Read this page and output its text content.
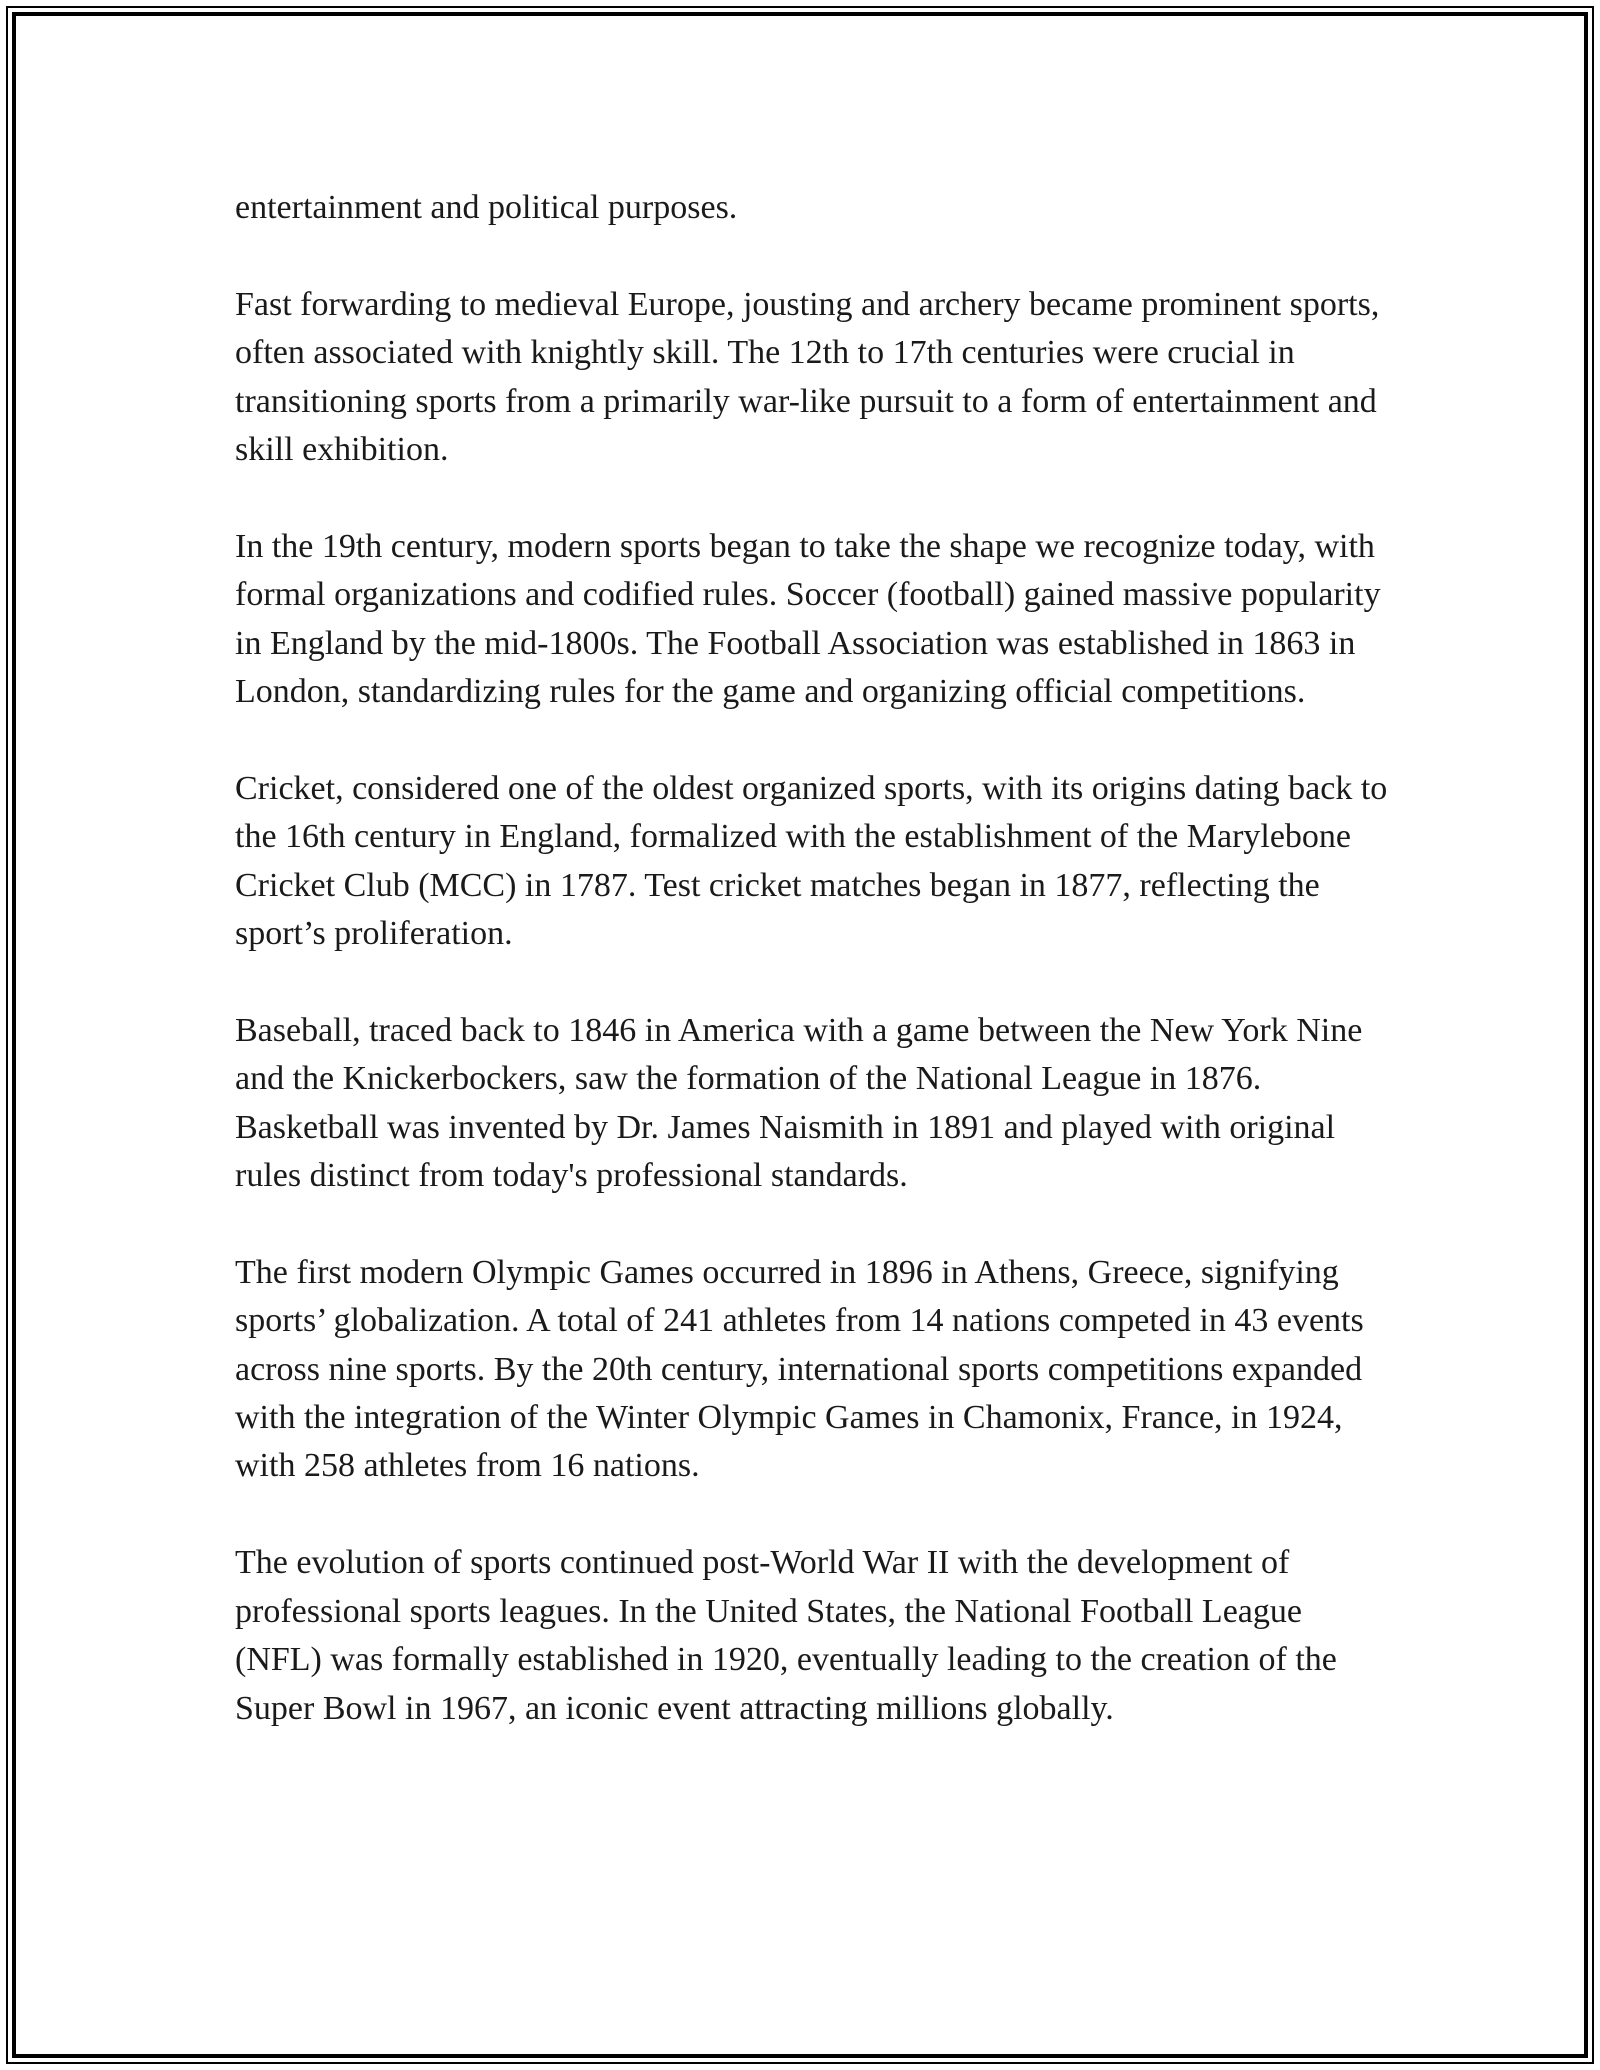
entertainment and political purposes.

Fast forwarding to medieval Europe, jousting and archery became prominent sports, often associated with knightly skill. The 12th to 17th centuries were crucial in transitioning sports from a primarily war-like pursuit to a form of entertainment and skill exhibition.

In the 19th century, modern sports began to take the shape we recognize today, with formal organizations and codified rules. Soccer (football) gained massive popularity in England by the mid-1800s. The Football Association was established in 1863 in London, standardizing rules for the game and organizing official competitions.

Cricket, considered one of the oldest organized sports, with its origins dating back to the 16th century in England, formalized with the establishment of the Marylebone Cricket Club (MCC) in 1787. Test cricket matches began in 1877, reflecting the sport’s proliferation.

Baseball, traced back to 1846 in America with a game between the New York Nine and the Knickerbockers, saw the formation of the National League in 1876. Basketball was invented by Dr. James Naismith in 1891 and played with original rules distinct from today's professional standards.

The first modern Olympic Games occurred in 1896 in Athens, Greece, signifying sports’ globalization. A total of 241 athletes from 14 nations competed in 43 events across nine sports. By the 20th century, international sports competitions expanded with the integration of the Winter Olympic Games in Chamonix, France, in 1924, with 258 athletes from 16 nations.

The evolution of sports continued post-World War II with the development of professional sports leagues. In the United States, the National Football League (NFL) was formally established in 1920, eventually leading to the creation of the Super Bowl in 1967, an iconic event attracting millions globally.
